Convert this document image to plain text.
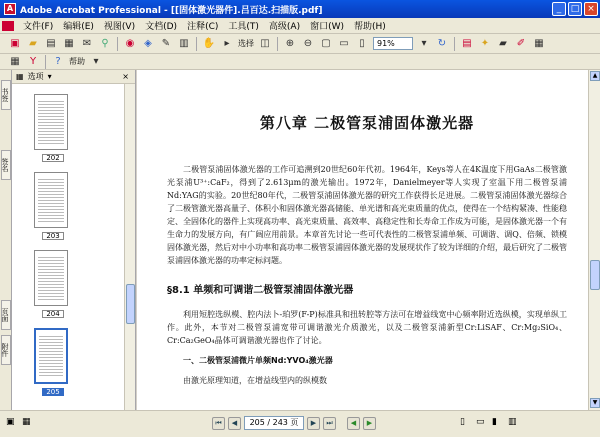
A Adobe Acrobat Professional - [[固体激光器件].吕百达.扫描版.pdf]	_	□ ×
文件(F)	编辑(E)	视图(V)	文档(D)	注释(C)	工具(T)	高级(A)	窗口(W)	帮助(H)
▣ ▰ ▤ ▦ ✉	⚲	◉ ◈ ✎ ▥ ✋ ▸	选择 ◫ ⊕ ⊖ ▢ ▭	▯	91%	▾	↻ ▤ ✦ ▰ ✐ ▦
▦	Y	?	帮助 ▾
书签
签名
页面
附件
▦ 选项 ▾	×
202
203
204
205
第八章 二极管泵浦固体激光器
二极管泵浦固体激光器的工作可追溯到20世纪60年代初。1964年，Keys等人在4K温度下用GaAs二极管激光泵浦U³⁺:CaF₂，得到了2.613μm的激光输出。1972年，Danielmeyer等人实现了室温下用二极管泵浦Nd:YAG的实验。20世纪80年代，二极管泵浦固体激光器的研究工作获得长足进展。二极管泵浦固体激光器综合了二极管激光器高量子、体积小和固体激光器高储能、单光谱和高光束质量的优点，使得在一个结构紧凑、性能稳定、全固体化的器件上实现高功率、高光束质量、高效率、高稳定性和长寿命工作成为可能，是固体激光器一个有生命力的发展方向，有广阔应用前景。本章首先讨论一些可代表性的二极管泵浦单频、可调谐、调Q、倍频、锁模固体激光器，然后对中小功率和高功率二极管泵浦固体激光器的发展现状作了较为详细的介绍，最后研究了二极管泵浦固体激光器的功率定标问题。
§8.1 单频和可调谐二极管泵浦固体激光器
利用短腔选纵模、腔内法卜-珀罗(F-P)标准具和扭转腔等方法可在增益线宽中心频率附近选纵模，实现单纵工作。此外，本节对二极管泵浦宽带可调谐激光介质激光，以及二极管泵浦新型Cr:LiSAF、Cr:Mg₂SiO₄、Cr:Ca₂GeO₄晶体可调谐激光器也作了讨论。
一、二极管泵浦微片单频Nd:YVO₄激光器
由激光原理知道，在增益线型内的纵模数
▲
▼
▣ ▦	⏮	◀	205 / 243 页	▶	⏭	◀	▶	▯ ▭ ▮ ▥
